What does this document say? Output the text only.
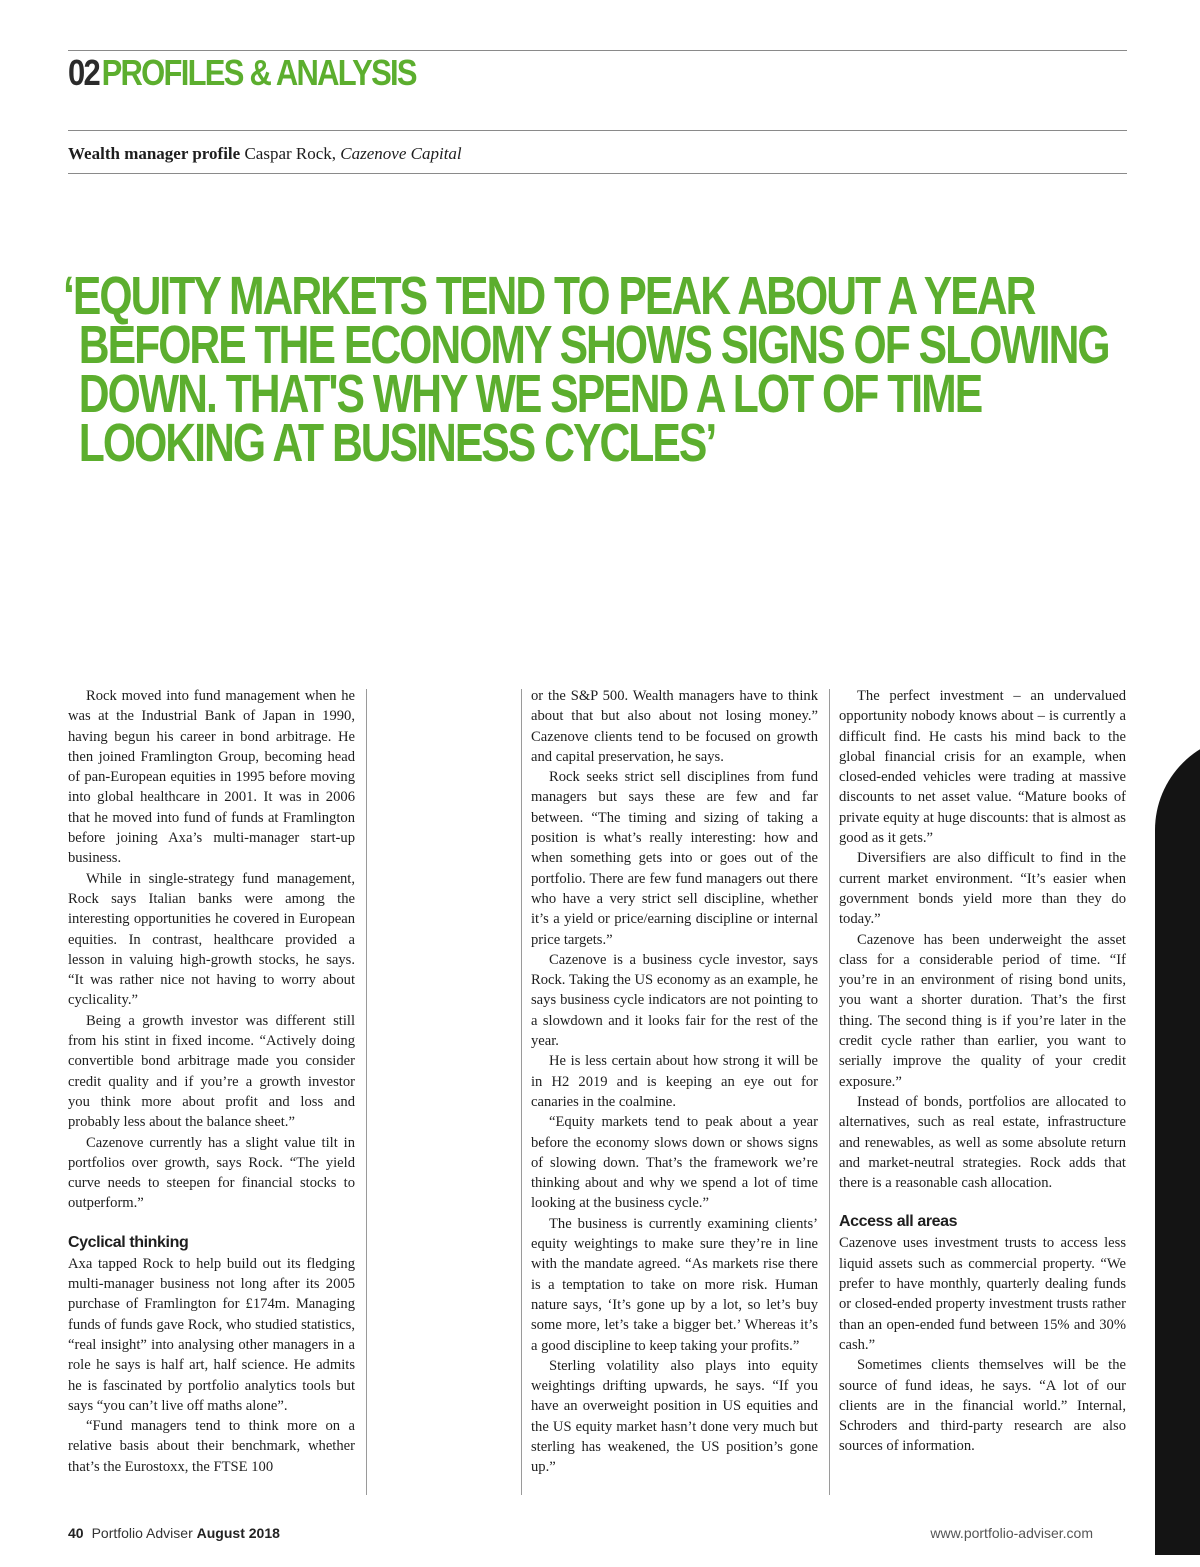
02PROFILES & ANALYSIS
Wealth manager profile Caspar Rock, Cazenove Capital
‘EQUITY MARKETS TEND TO PEAK ABOUT A YEAR
BEFORE THE ECONOMY SHOWS SIGNS OF SLOWING
DOWN. THAT'S WHY WE SPEND A LOT OF TIME
LOOKING AT BUSINESS CYCLES’

Rock moved into fund management when he was at the Industrial Bank of Japan in 1990, having begun his career in bond arbitrage. He then joined Framlington Group, becoming head of pan-European equities in 1995 before moving into global healthcare in 2001. It was in 2006 that he moved into fund of funds at Framlington before joining Axa’s multi-manager start-up business.

While in single-strategy fund management, Rock says Italian banks were among the interesting opportunities he covered in European equities. In contrast, healthcare provided a lesson in valuing high-growth stocks, he says. “It was rather nice not having to worry about cyclicality.”

Being a growth investor was different still from his stint in fixed income. “Actively doing convertible bond arbitrage made you consider credit quality and if you’re a growth investor you think more about profit and loss and probably less about the balance sheet.”

Cazenove currently has a slight value tilt in portfolios over growth, says Rock. “The yield curve needs to steepen for financial stocks to outperform.”

Cyclical thinking

Axa tapped Rock to help build out its fledging multi-manager business not long after its 2005 purchase of Framlington for £174m. Managing funds of funds gave Rock, who studied statistics, “real insight” into analysing other managers in a role he says is half art, half science. He admits he is fascinated by portfolio analytics tools but says “you can’t live off maths alone”.

“Fund managers tend to think more on a relative basis about their benchmark, whether that’s the Eurostoxx, the FTSE 100

or the S&P 500. Wealth managers have to think about that but also about not losing money.” Cazenove clients tend to be focused on growth and capital preservation, he says.

Rock seeks strict sell disciplines from fund managers but says these are few and far between. “The timing and sizing of taking a position is what’s really interesting: how and when something gets into or goes out of the portfolio. There are few fund managers out there who have a very strict sell discipline, whether it’s a yield or price/earning discipline or internal price targets.”

Cazenove is a business cycle investor, says Rock. Taking the US economy as an example, he says business cycle indicators are not pointing to a slowdown and it looks fair for the rest of the year.

He is less certain about how strong it will be in H2 2019 and is keeping an eye out for canaries in the coalmine.

“Equity markets tend to peak about a year before the economy slows down or shows signs of slowing down. That’s the framework we’re thinking about and why we spend a lot of time looking at the business cycle.”

The business is currently examining clients’ equity weightings to make sure they’re in line with the mandate agreed. “As markets rise there is a temptation to take on more risk. Human nature says, ‘It’s gone up by a lot, so let’s buy some more, let’s take a bigger bet.’ Whereas it’s a good discipline to keep taking your profits.”

Sterling volatility also plays into equity weightings drifting upwards, he says. “If you have an overweight position in US equities and the US equity market hasn’t done very much but sterling has weakened, the US position’s gone up.”

The perfect investment – an undervalued opportunity nobody knows about – is currently a difficult find. He casts his mind back to the global financial crisis for an example, when closed-ended vehicles were trading at massive discounts to net asset value. “Mature books of private equity at huge discounts: that is almost as good as it gets.”

Diversifiers are also difficult to find in the current market environment. “It’s easier when government bonds yield more than they do today.”

Cazenove has been underweight the asset class for a considerable period of time. “If you’re in an environment of rising bond units, you want a shorter duration. That’s the first thing. The second thing is if you’re later in the credit cycle rather than earlier, you want to serially improve the quality of your credit exposure.”

Instead of bonds, portfolios are allocated to alternatives, such as real estate, infrastructure and renewables, as well as some absolute return and market-neutral strategies. Rock adds that there is a reasonable cash allocation.

Access all areas

Cazenove uses investment trusts to access less liquid assets such as commercial property. “We prefer to have monthly, quarterly dealing funds or closed-ended property investment trusts rather than an open-ended fund between 15% and 30% cash.”

Sometimes clients themselves will be the source of fund ideas, he says. “A lot of our clients are in the financial world.” Internal, Schroders and third-party research are also sources of information.

40 Portfolio Adviser August 2018	www.portfolio-adviser.com
